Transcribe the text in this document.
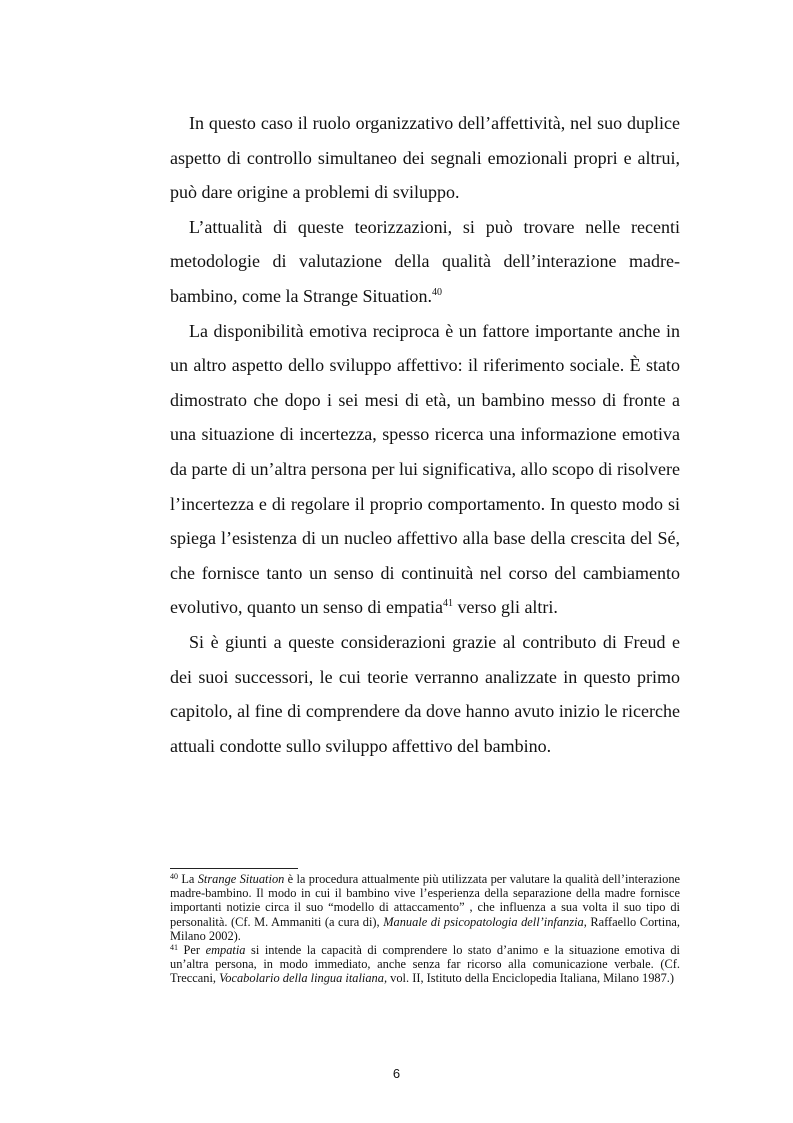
In questo caso il ruolo organizzativo dell’affettività, nel suo duplice aspetto di controllo simultaneo dei segnali emozionali propri e altrui, può dare origine a problemi di sviluppo.

L’attualità di queste teorizzazioni, si può trovare nelle recenti metodologie di valutazione della qualità dell’interazione madre-bambino, come la Strange Situation.$^{40}$

La disponibilità emotiva reciproca è un fattore importante anche in un altro aspetto dello sviluppo affettivo: il riferimento sociale. È stato dimostrato che dopo i sei mesi di età, un bambino messo di fronte a una situazione di incertezza, spesso ricerca una informazione emotiva da parte di un’altra persona per lui significativa, allo scopo di risolvere l’incertezza e di regolare il proprio comportamento. In questo modo si spiega l’esistenza di un nucleo affettivo alla base della crescita del Sé, che fornisce tanto un senso di continuità nel corso del cambiamento evolutivo, quanto un senso di empatia$^{41}$ verso gli altri.

Si è giunti a queste considerazioni grazie al contributo di Freud e dei suoi successori, le cui teorie verranno analizzate in questo primo capitolo, al fine di comprendere da dove hanno avuto inizio le ricerche attuali condotte sullo sviluppo affettivo del bambino.

$^{40}$ La Strange Situation è la procedura attualmente più utilizzata per valutare la qualità dell’interazione madre-bambino. Il modo in cui il bambino vive l’esperienza della separazione della madre fornisce importanti notizie circa il suo “modello di attaccamento” , che influenza a sua volta il suo tipo di personalità. (Cf. M. Ammaniti (a cura di), Manuale di psicopatologia dell’infanzia, Raffaello Cortina, Milano 2002).

$^{41}$ Per empatia si intende la capacità di comprendere lo stato d’animo e la situazione emotiva di un’altra persona, in modo immediato, anche senza far ricorso alla comunicazione verbale. (Cf. Treccani, Vocabolario della lingua italiana, vol. II, Istituto della Enciclopedia Italiana, Milano 1987.)

6
